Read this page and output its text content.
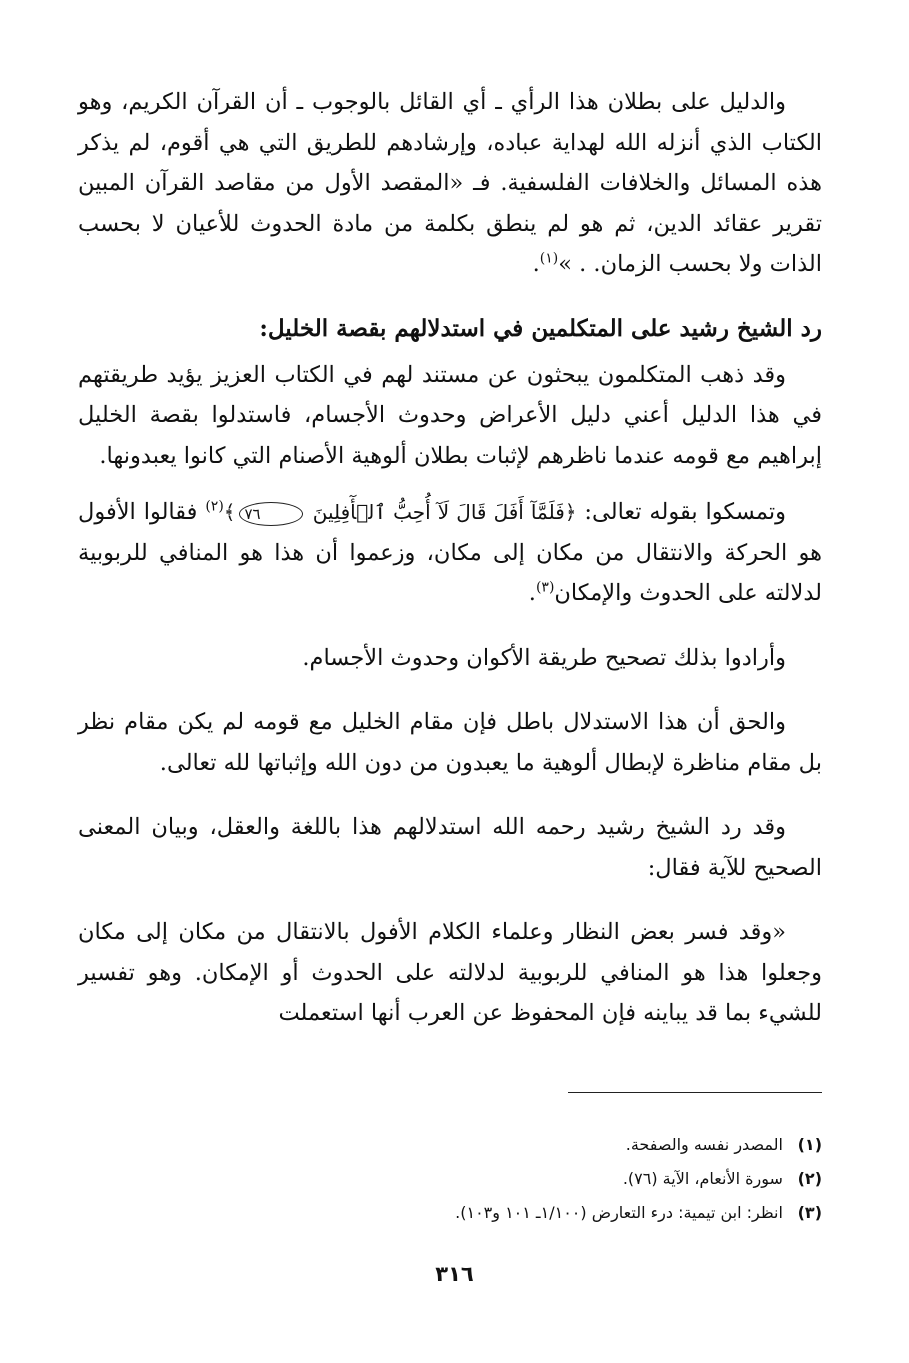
والدليل على بطلان هذا الرأي ـ أي القائل بالوجوب ـ أن القرآن الكريم، وهو الكتاب الذي أنزله الله لهداية عباده، وإرشادهم للطريق التي هي أقوم، لم يذكر هذه المسائل والخلافات الفلسفية. فـ «المقصد الأول من مقاصد القرآن المبين تقرير عقائد الدين، ثم هو لم ينطق بكلمة من مادة الحدوث للأعيان لا بحسب الذات ولا بحسب الزمان. . »$^{(١)}$.

رد الشيخ رشيد على المتكلمين في استدلالهم بقصة الخليل:

وقد ذهب المتكلمون يبحثون عن مستند لهم في الكتاب العزيز يؤيد طريقتهم في هذا الدليل أعني دليل الأعراض وحدوث الأجسام، فاستدلوا بقصة الخليل إبراهيم مع قومه عندما ناظرهم لإثبات بطلان ألوهية الأصنام التي كانوا يعبدونها.

وتمسكوا بقوله تعالى: ﴿فَلَمَّآ أَفَلَ قَالَ لَآ أُحِبُّ ٱلۡأٓفِلِينَ ٧٦﴾$^{(٢)}$ فقالوا الأفول هو الحركة والانتقال من مكان إلى مكان، وزعموا أن هذا هو المنافي للربوبية لدلالته على الحدوث والإمكان$^{(٣)}$.

وأرادوا بذلك تصحيح طريقة الأكوان وحدوث الأجسام.

والحق أن هذا الاستدلال باطل فإن مقام الخليل مع قومه لم يكن مقام نظر بل مقام مناظرة لإبطال ألوهية ما يعبدون من دون الله وإثباتها لله تعالى.

وقد رد الشيخ رشيد رحمه الله استدلالهم هذا باللغة والعقل، وبيان المعنى الصحيح للآية فقال:

«وقد فسر بعض النظار وعلماء الكلام الأفول بالانتقال من مكان إلى مكان وجعلوا هذا هو المنافي للربوبية لدلالته على الحدوث أو الإمكان. وهو تفسير للشيء بما قد يباينه فإن المحفوظ عن العرب أنها استعملت

(١) المصدر نفسه والصفحة.
(٢) سورة الأنعام، الآية (٧٦).
(٣) انظر: ابن تيمية: درء التعارض (١/١٠٠ـ ١٠١ و١٠٣).
٣١٦
